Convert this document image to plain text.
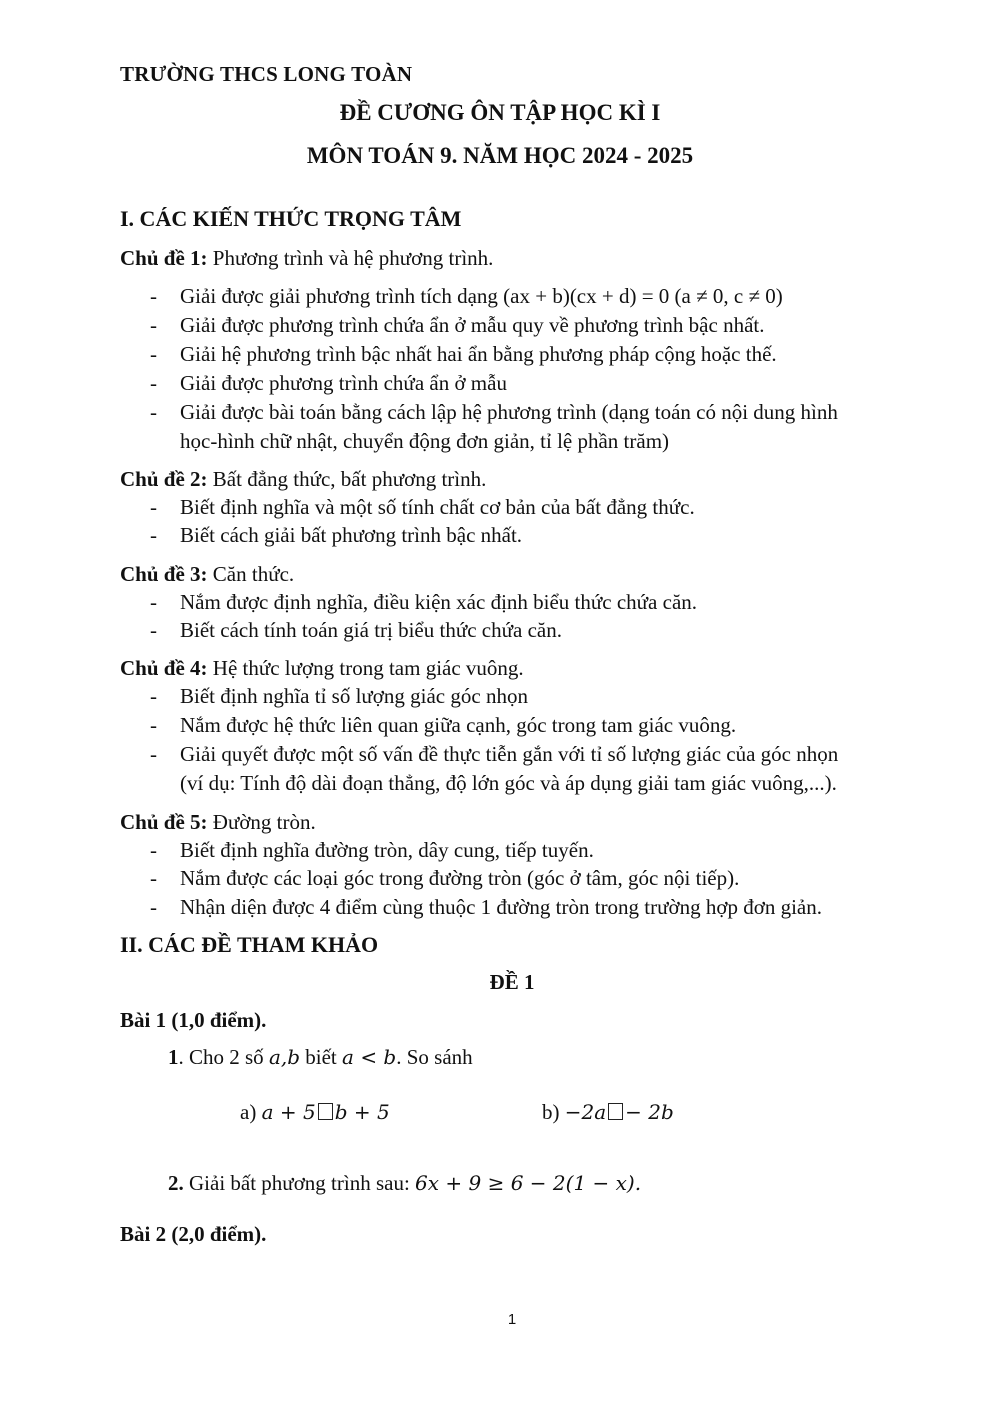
TRƯỜNG THCS LONG TOÀN
ĐỀ CƯƠNG ÔN TẬP HỌC KÌ I
MÔN TOÁN 9. NĂM HỌC 2024 - 2025
I. CÁC KIẾN THỨC TRỌNG TÂM
Chủ đề 1: Phương trình và hệ phương trình.
- Giải được giải phương trình tích dạng (ax + b)(cx + d) = 0 (a ≠ 0, c ≠ 0)
- Giải được phương trình chứa ẩn ở mẫu quy về phương trình bậc nhất.
- Giải hệ phương trình bậc nhất hai ẩn bằng phương pháp cộng hoặc thế.
- Giải được phương trình chứa ẩn ở mẫu
- Giải được bài toán bằng cách lập hệ phương trình (dạng toán có nội dung hình
học-hình chữ nhật, chuyển động đơn giản, tỉ lệ phần trăm)
Chủ đề 2: Bất đẳng thức, bất phương trình.
- Biết định nghĩa và một số tính chất cơ bản của bất đẳng thức.
- Biết cách giải bất phương trình bậc nhất.
Chủ đề 3: Căn thức.
- Nắm được định nghĩa, điều kiện xác định biểu thức chứa căn.
- Biết cách tính toán giá trị biểu thức chứa căn.
Chủ đề 4: Hệ thức lượng trong tam giác vuông.
- Biết định nghĩa tỉ số lượng giác góc nhọn
- Nắm được hệ thức liên quan giữa cạnh, góc trong tam giác vuông.
- Giải quyết được một số vấn đề thực tiễn gắn với tỉ số lượng giác của góc nhọn
(ví dụ: Tính độ dài đoạn thẳng, độ lớn góc và áp dụng giải tam giác vuông,...).
Chủ đề 5: Đường tròn.
- Biết định nghĩa đường tròn, dây cung, tiếp tuyến.
- Nắm được các loại góc trong đường tròn (góc ở tâm, góc nội tiếp).
- Nhận diện được 4 điểm cùng thuộc 1 đường tròn trong trường hợp đơn giản.
II. CÁC ĐỀ THAM KHẢO
ĐỀ 1
Bài 1 (1,0 điểm).
1. Cho 2 số a,b biết a < b. So sánh
a) a + 5 b + 5	b) −2a − 2b
2. Giải bất phương trình sau: 6x + 9 ≥ 6 − 2(1 − x).
Bài 2 (2,0 điểm).
1
